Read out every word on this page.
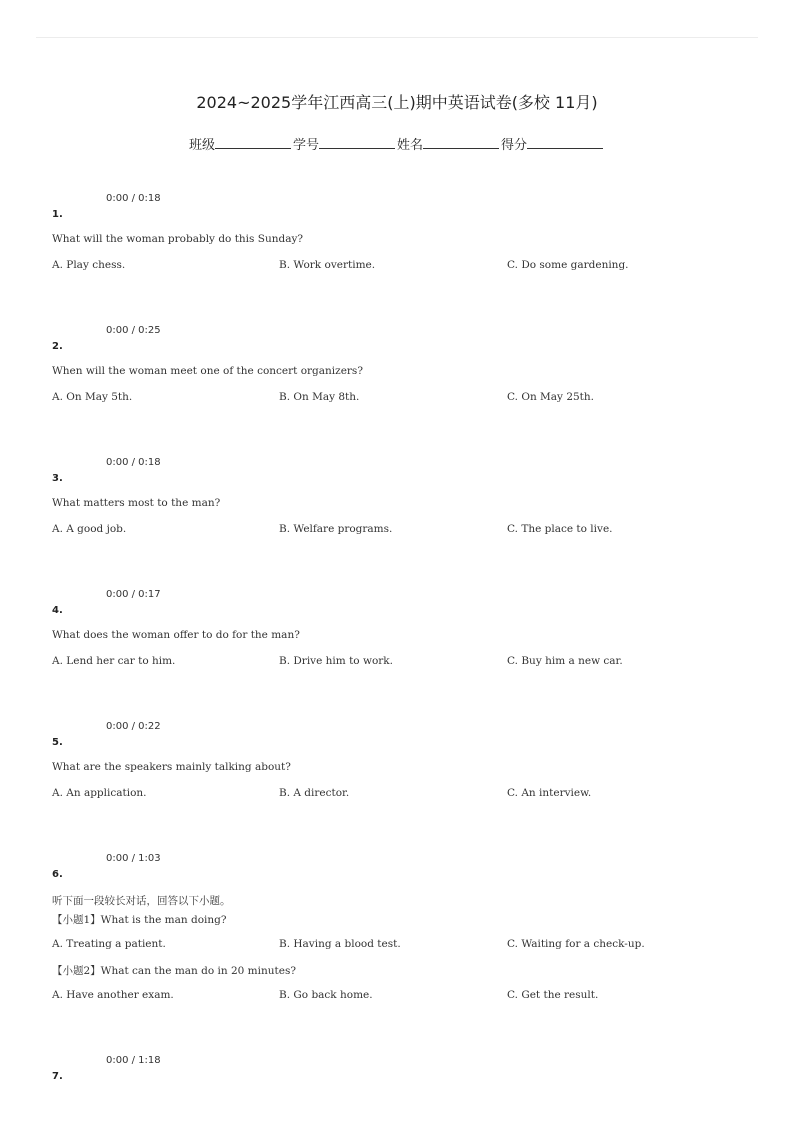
2024~2025学年江西高三(上)期中英语试卷(多校 11月)
班级	学号	姓名	得分
0:00 / 0:18
1.
What will the woman probably do this Sunday?
A. Play chess.	B. Work overtime.	C. Do some gardening.
0:00 / 0:25
2.
When will the woman meet one of the concert organizers?
A. On May 5th.	B. On May 8th.	C. On May 25th.
0:00 / 0:18
3.
What matters most to the man?
A. A good job.	B. Welfare programs.	C. The place to live.
0:00 / 0:17
4.
What does the woman offer to do for the man?
A. Lend her car to him.	B. Drive him to work.	C. Buy him a new car.
0:00 / 0:22
5.
What are the speakers mainly talking about?
A. An application.	B. A director.	C. An interview.
0:00 / 1:03
6.
听下面一段较长对话，回答以下小题。
【小题1】What is the man doing?
A. Treating a patient.	B. Having a blood test.	C. Waiting for a check-up.
【小题2】What can the man do in 20 minutes?
A. Have another exam.	B. Go back home.	C. Get the result.
0:00 / 1:18
7.
